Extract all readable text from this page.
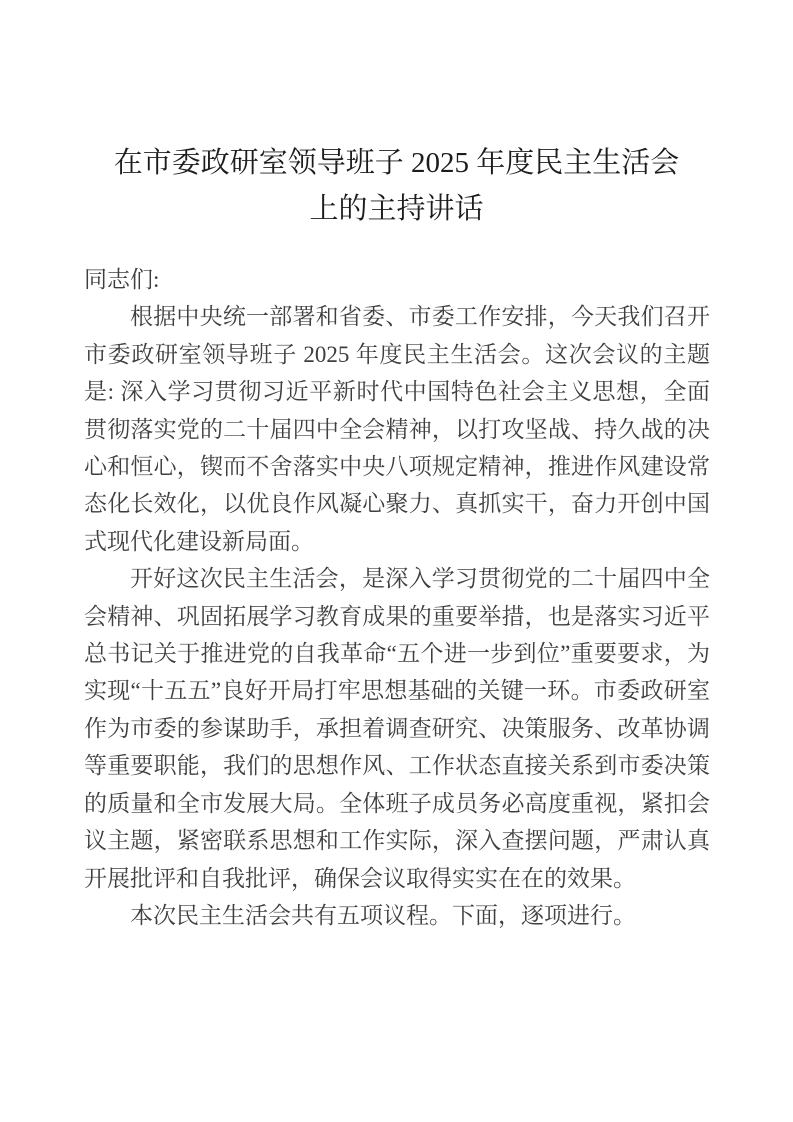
在市委政研室领导班子 2025 年度民主生活会
上的主持讲话

同志们:

根据中央统一部署和省委、市委工作安排，今天我们召开市委政研室领导班子 2025 年度民主生活会。这次会议的主题是: 深入学习贯彻习近平新时代中国特色社会主义思想，全面贯彻落实党的二十届四中全会精神，以打攻坚战、持久战的决心和恒心，锲而不舍落实中央八项规定精神，推进作风建设常态化长效化，以优良作风凝心聚力、真抓实干，奋力开创中国式现代化建设新局面。

开好这次民主生活会，是深入学习贯彻党的二十届四中全会精神、巩固拓展学习教育成果的重要举措，也是落实习近平总书记关于推进党的自我革命“五个进一步到位”重要要求，为实现“十五五”良好开局打牢思想基础的关键一环。市委政研室作为市委的参谋助手，承担着调查研究、决策服务、改革协调等重要职能，我们的思想作风、工作状态直接关系到市委决策的质量和全市发展大局。全体班子成员务必高度重视，紧扣会议主题，紧密联系思想和工作实际，深入查摆问题，严肃认真开展批评和自我批评，确保会议取得实实在在的效果。

本次民主生活会共有五项议程。下面，逐项进行。
